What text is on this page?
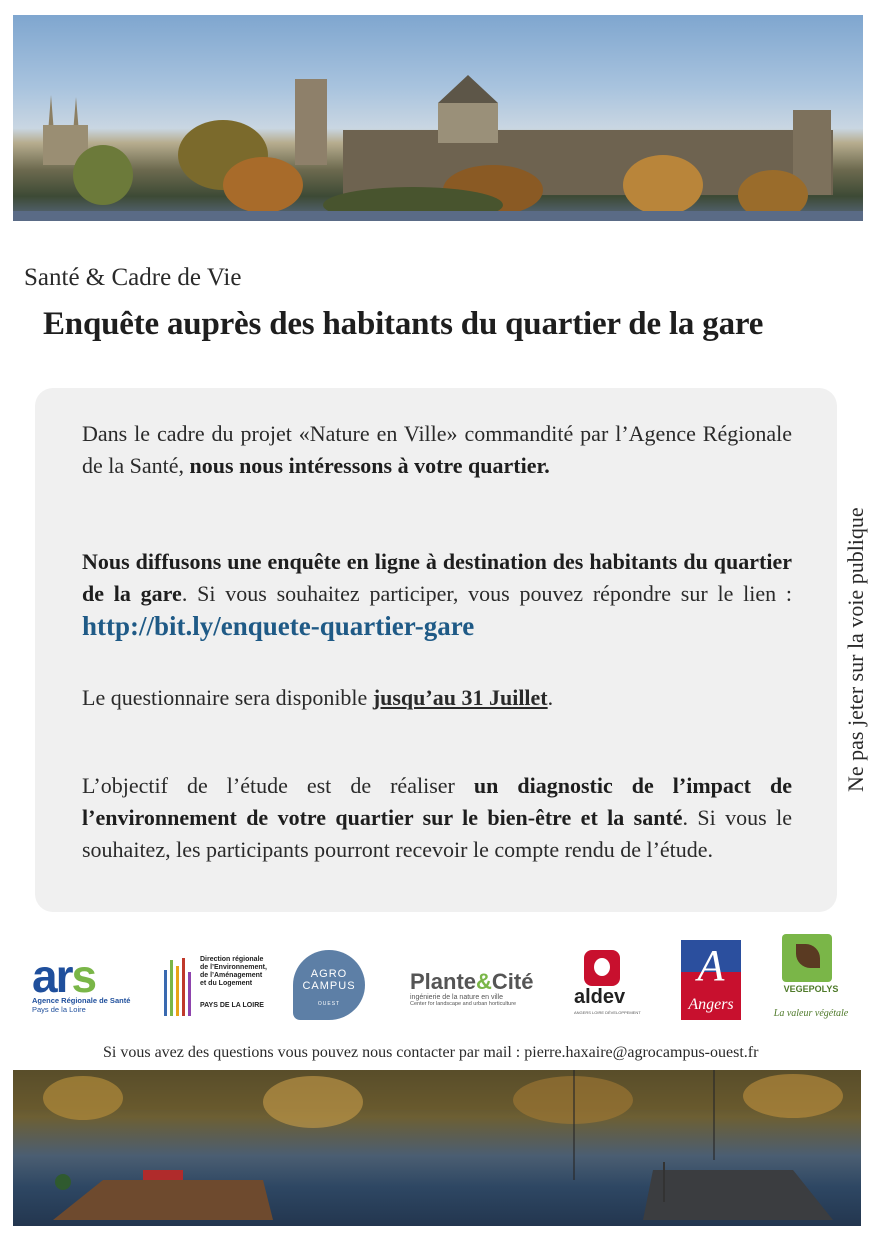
Santé & Cadre de Vie
Enquête auprès des habitants du quartier de la gare
Dans le cadre du projet «Nature en Ville» commandité par l’Agence Régionale de la Santé, nous nous intéressons à votre quartier.
Nous diffusons une enquête en ligne à destination des habitants du quartier de la gare. Si vous souhaitez participer, vous pouvez répondre sur le lien : http://bit.ly/enquete-quartier-gare
Le questionnaire sera disponible jusqu’au 31 Juillet.
L’objectif de l’étude est de réaliser un diagnostic de l’impact de l’environnement de votre quartier sur le bien-être et la santé. Si vous le souhaitez, les participants pourront recevoir le compte rendu de l’étude.
Ne pas jeter sur la voie publique
ars
Agence Régionale de Santé
Pays de la Loire
Direction régionale
de l’Environnement,
de l’Aménagement
et du Logement
PAYS DE LA LOIRE
AGRO
CAMPUS
OUEST
Plante&Cité
ingénierie de la nature en ville
Center for landscape and urban horticulture	aldev
ANGERS LOIRE DÉVELOPPEMENT
A
Angers
VEGEPOLYS
La valeur végétale
Si vous avez des questions vous pouvez nous contacter par mail : pierre.haxaire@agrocampus-ouest.fr
